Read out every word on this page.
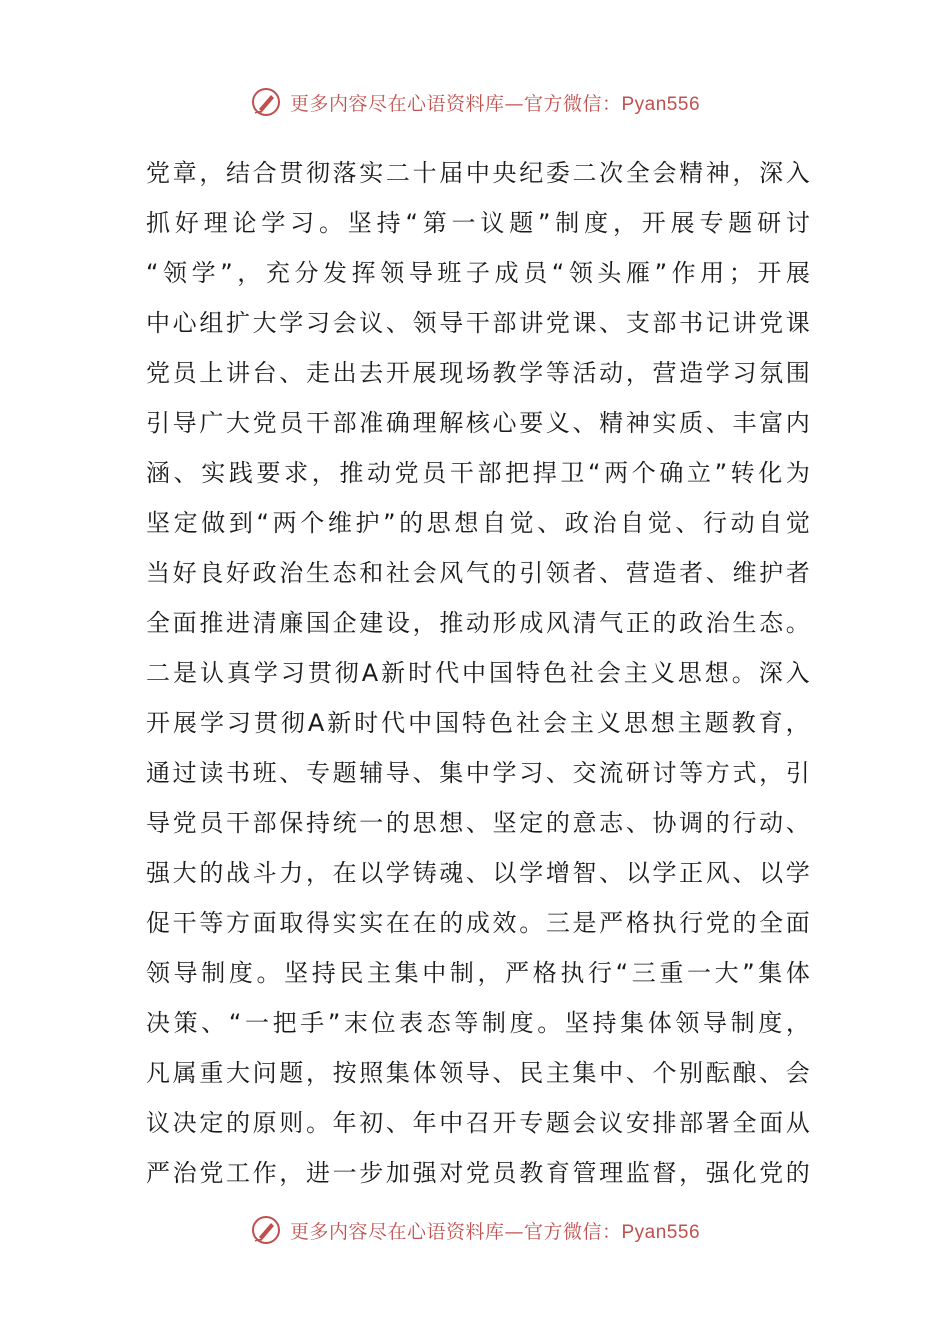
更多内容尽在心语资料库—官方微信：Pyan556
党 章 ， 结 合 贯 彻 落 实 二 十 届 中 央 纪 委 二 次 全 会 精 神 ， 深 入
抓 好 理 论 学 习 。 坚 持 “ 第 一 议 题 ” 制 度 ， 开 展 专 题 研 讨
“ 领 学 ” ， 充 分 发 挥 领 导 班 子 成 员 “ 领 头 雁 ” 作 用 ； 开 展
中 心 组 扩 大 学 习 会 议 、 领 导 干 部 讲 党 课 、 支 部 书 记 讲 党 课
党 员 上 讲 台 、 走 出 去 开 展 现 场 教 学 等 活 动 ， 营 造 学 习 氛 围
引 导 广 大 党 员 干 部 准 确 理 解 核 心 要 义 、 精 神 实 质 、 丰 富 内
涵 、 实 践 要 求 ， 推 动 党 员 干 部 把 捍 卫 “ 两 个 确 立 ” 转 化 为
坚 定 做 到 “ 两 个 维 护 ” 的 思 想 自 觉 、 政 治 自 觉 、 行 动 自 觉
当 好 良 好 政 治 生 态 和 社 会 风 气 的 引 领 者 、 营 造 者 、 维 护 者
全 面 推 进 清 廉 国 企 建 设 ， 推 动 形 成 风 清 气 正 的 政 治 生 态 。
二 是 认 真 学 习 贯 彻 A 新 时 代 中 国 特 色 社 会 主 义 思 想 。 深 入
开 展 学 习 贯 彻 A 新 时 代 中 国 特 色 社 会 主 义 思 想 主 题 教 育 ，
通 过 读 书 班 、 专 题 辅 导 、 集 中 学 习 、 交 流 研 讨 等 方 式 ， 引
导 党 员 干 部 保 持 统 一 的 思 想 、 坚 定 的 意 志 、 协 调 的 行 动 、
强 大 的 战 斗 力 ， 在 以 学 铸 魂 、 以 学 增 智 、 以 学 正 风 、 以 学
促 干 等 方 面 取 得 实 实 在 在 的 成 效 。 三 是 严 格 执 行 党 的 全 面
领 导 制 度 。 坚 持 民 主 集 中 制 ， 严 格 执 行 “ 三 重 一 大 ” 集 体
决 策 、 “ 一 把 手 ” 末 位 表 态 等 制 度 。 坚 持 集 体 领 导 制 度 ，
凡 属 重 大 问 题 ， 按 照 集 体 领 导 、 民 主 集 中 、 个 别 酝 酿 、 会
议 决 定 的 原 则 。 年 初 、 年 中 召 开 专 题 会 议 安 排 部 署 全 面 从
严 治 党 工 作 ， 进 一 步 加 强 对 党 员 教 育 管 理 监 督 ， 强 化 党 的
更多内容尽在心语资料库—官方微信：Pyan556
